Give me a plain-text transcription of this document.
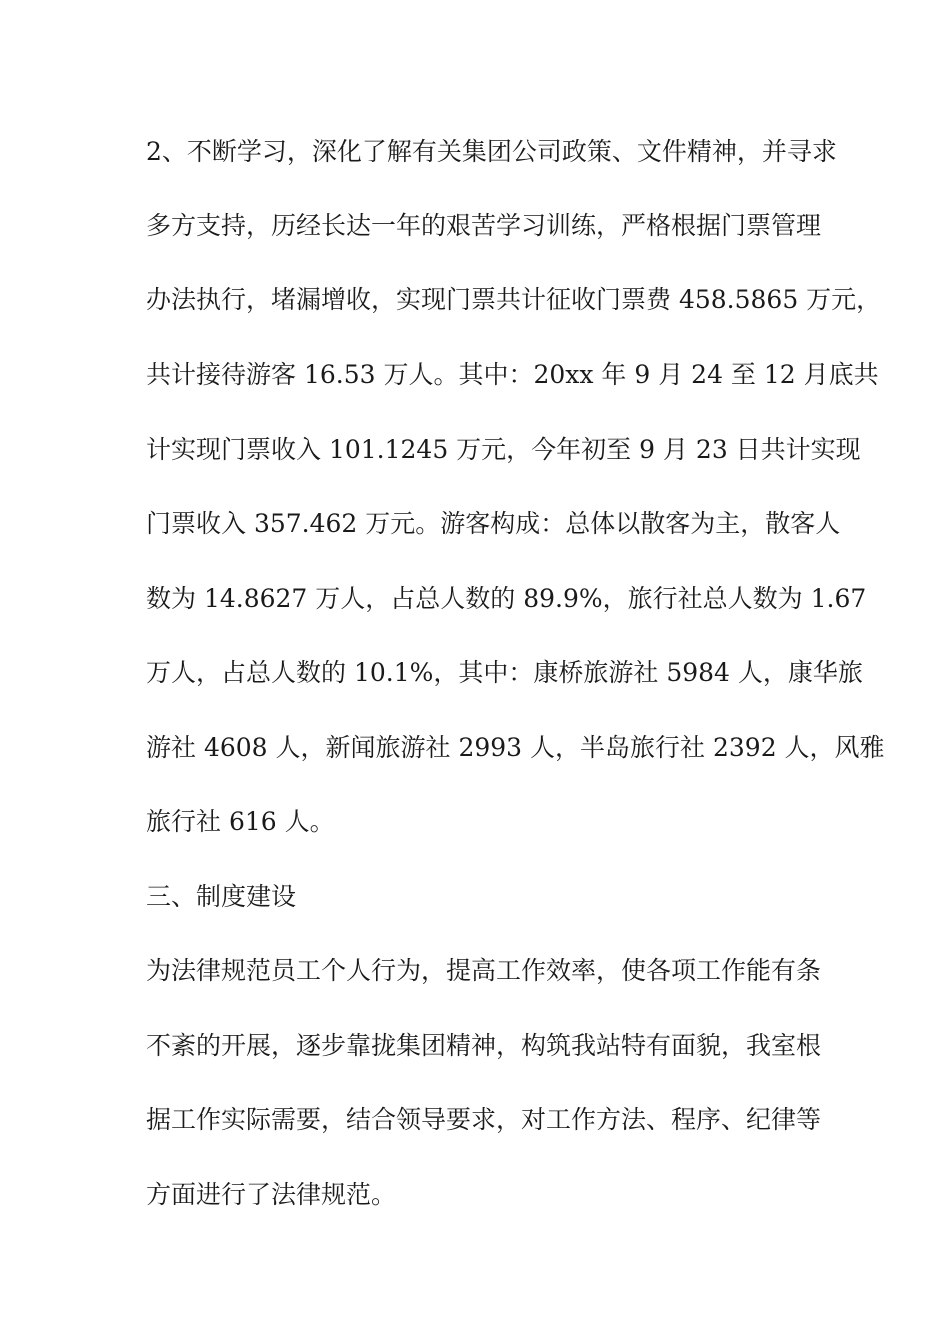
2、不断学习，深化了解有关集团公司政策、文件精神，并寻求
多方支持，历经长达一年的艰苦学习训练，严格根据门票管理
办法执行，堵漏增收，实现门票共计征收门票费 458.5865 万元，
共计接待游客 16.53 万人。其中：20xx 年 9 月 24 至 12 月底共
计实现门票收入 101.1245 万元，今年初至 9 月 23 日共计实现
门票收入 357.462 万元。游客构成：总体以散客为主，散客人
数为 14.8627 万人，占总人数的 89.9%，旅行社总人数为 1.67
万人，占总人数的 10.1%，其中：康桥旅游社 5984 人，康华旅
游社 4608 人，新闻旅游社 2993 人，半岛旅行社 2392 人，风雅
旅行社 616 人。
三、制度建设
为法律规范员工个人行为，提高工作效率，使各项工作能有条
不紊的开展，逐步靠拢集团精神，构筑我站特有面貌，我室根
据工作实际需要，结合领导要求，对工作方法、程序、纪律等
方面进行了法律规范。
